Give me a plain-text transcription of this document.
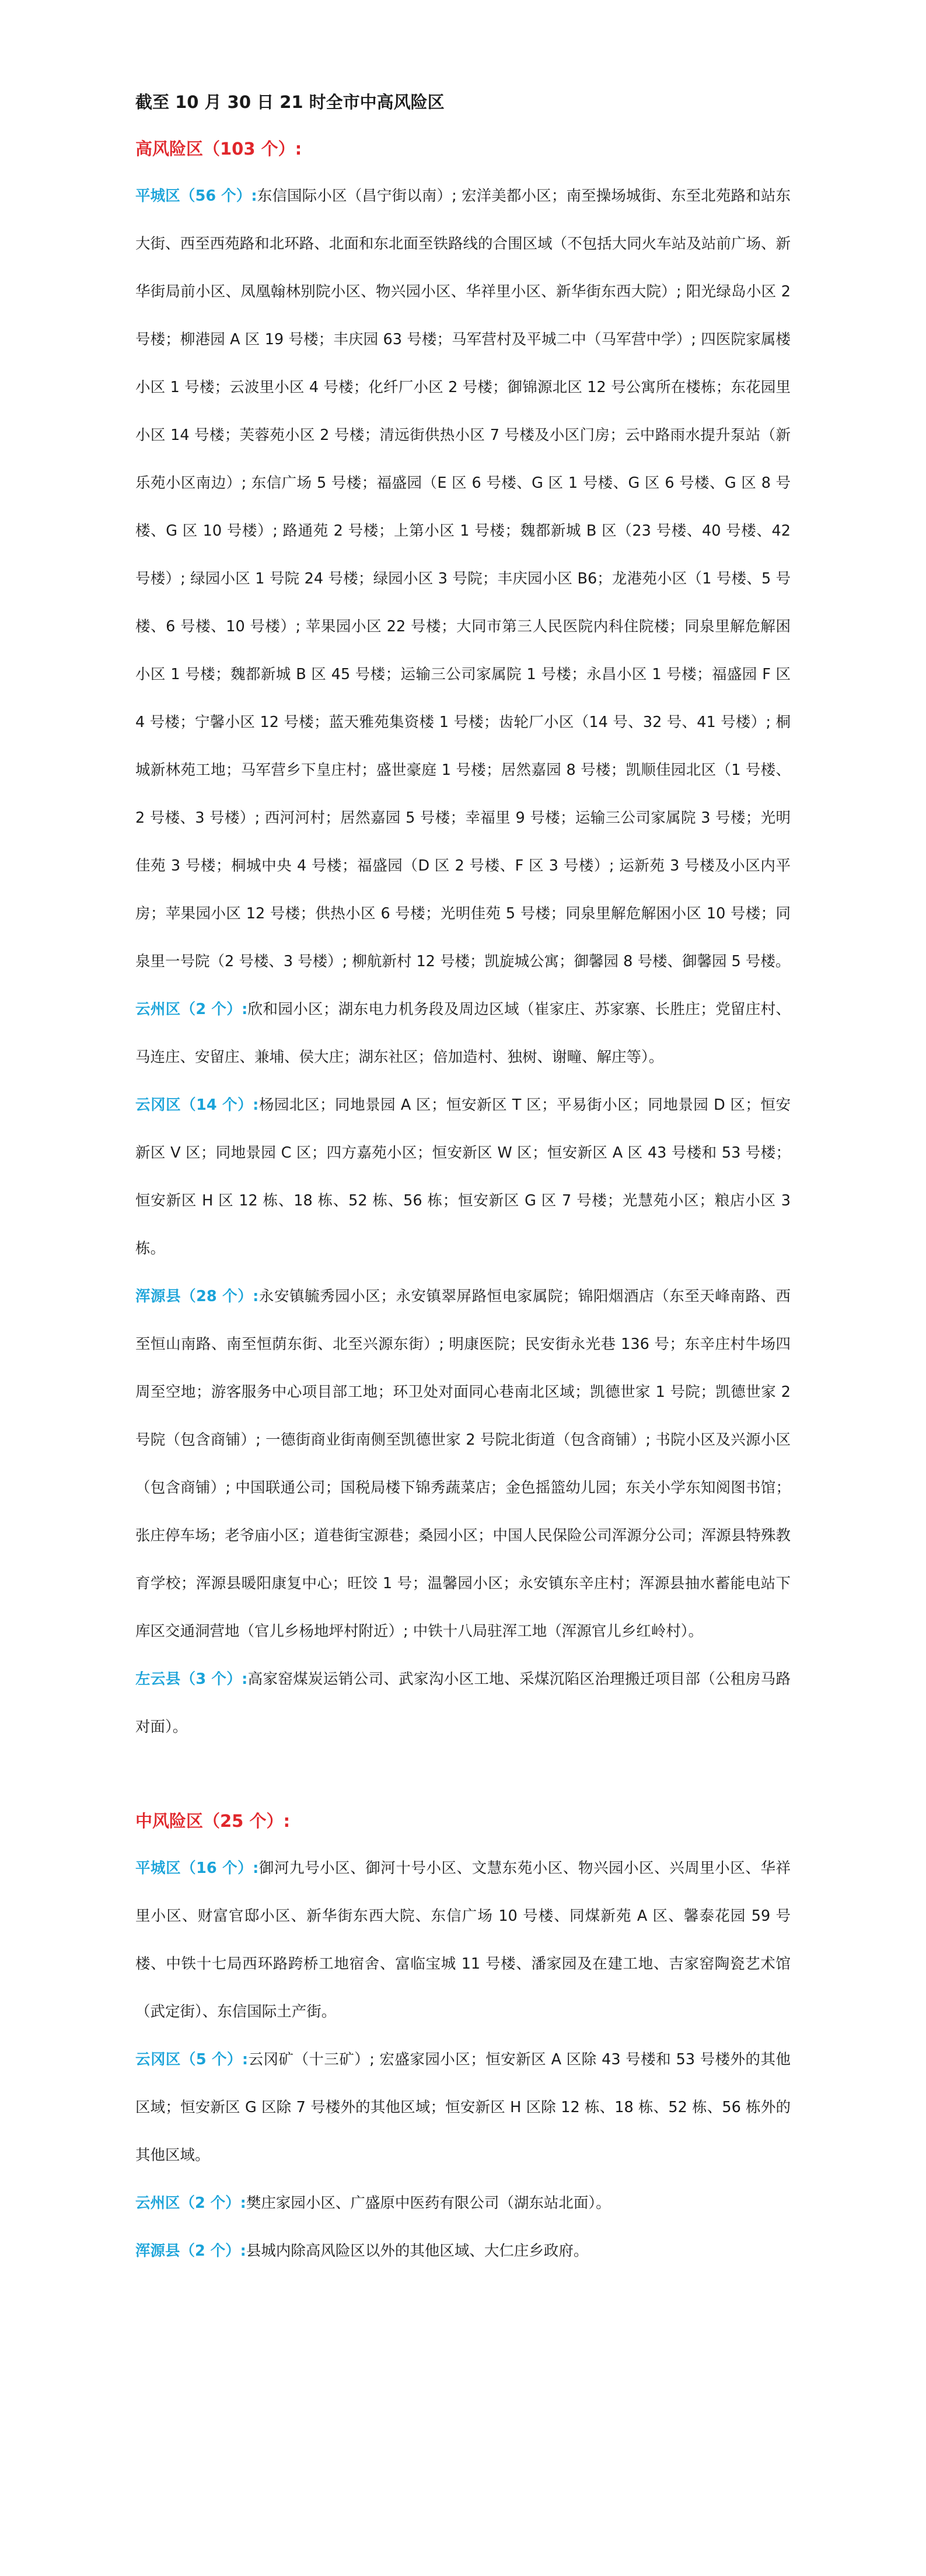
截至 10 月 30 日 21 时全市中高风险区
高风险区（103 个）:

平城区（56 个）:东信国际小区（昌宁街以南）; 宏洋美都小区；南至操场城街、东至北苑路和站东大街、西至西苑路和北环路、北面和东北面至铁路线的合围区域（不包括大同火车站及站前广场、新华街局前小区、凤凰翰林别院小区、物兴园小区、华祥里小区、新华街东西大院）; 阳光绿岛小区 2 号楼；柳港园 A 区 19 号楼；丰庆园 63 号楼；马军营村及平城二中（马军营中学）; 四医院家属楼小区 1 号楼；云波里小区 4 号楼；化纤厂小区 2 号楼；御锦源北区 12 号公寓所在楼栋；东花园里小区 14 号楼；芙蓉苑小区 2 号楼；清远街供热小区 7 号楼及小区门房；云中路雨水提升泵站（新乐苑小区南边）; 东信广场 5 号楼；福盛园（E 区 6 号楼、G 区 1 号楼、G 区 6 号楼、G 区 8 号楼、G 区 10 号楼）; 路通苑 2 号楼；上第小区 1 号楼；魏都新城 B 区（23 号楼、40 号楼、42 号楼）; 绿园小区 1 号院 24 号楼；绿园小区 3 号院；丰庆园小区 B6；龙港苑小区（1 号楼、5 号楼、6 号楼、10 号楼）; 苹果园小区 22 号楼；大同市第三人民医院内科住院楼；同泉里解危解困小区 1 号楼；魏都新城 B 区 45 号楼；运输三公司家属院 1 号楼；永昌小区 1 号楼；福盛园 F 区 4 号楼；宁馨小区 12 号楼；蓝天雅苑集资楼 1 号楼；齿轮厂小区（14 号、32 号、41 号楼）; 桐城新林苑工地；马军营乡下皇庄村；盛世豪庭 1 号楼；居然嘉园 8 号楼；凯顺佳园北区（1 号楼、2 号楼、3 号楼）; 西河河村；居然嘉园 5 号楼；幸福里 9 号楼；运输三公司家属院 3 号楼；光明佳苑 3 号楼；桐城中央 4 号楼；福盛园（D 区 2 号楼、F 区 3 号楼）; 运新苑 3 号楼及小区内平房；苹果园小区 12 号楼；供热小区 6 号楼；光明佳苑 5 号楼；同泉里解危解困小区 10 号楼；同泉里一号院（2 号楼、3 号楼）; 柳航新村 12 号楼；凯旋城公寓；御馨园 8 号楼、御馨园 5 号楼。

云州区（2 个）:欣和园小区；湖东电力机务段及周边区域（崔家庄、苏家寨、长胜庄；党留庄村、马连庄、安留庄、兼埔、侯大庄；湖东社区；倍加造村、独树、谢疃、解庄等）。

云冈区（14 个）:杨园北区；同地景园 A 区；恒安新区 T 区；平易街小区；同地景园 D 区；恒安新区 V 区；同地景园 C 区；四方嘉苑小区；恒安新区 W 区；恒安新区 A 区 43 号楼和 53 号楼；恒安新区 H 区 12 栋、18 栋、52 栋、56 栋；恒安新区 G 区 7 号楼；光慧苑小区；粮店小区 3 栋。

浑源县（28 个）:永安镇毓秀园小区；永安镇翠屏路恒电家属院；锦阳烟酒店（东至天峰南路、西至恒山南路、南至恒荫东街、北至兴源东街）; 明康医院；民安街永光巷 136 号；东辛庄村牛场四周至空地；游客服务中心项目部工地；环卫处对面同心巷南北区域；凯德世家 1 号院；凯德世家 2 号院（包含商铺）; 一德街商业街南侧至凯德世家 2 号院北街道（包含商铺）; 书院小区及兴源小区（包含商铺）; 中国联通公司；国税局楼下锦秀蔬菜店；金色摇篮幼儿园；东关小学东知阅图书馆；张庄停车场；老爷庙小区；道巷街宝源巷；桑园小区；中国人民保险公司浑源分公司；浑源县特殊教育学校；浑源县暖阳康复中心；旺饺 1 号；温馨园小区；永安镇东辛庄村；浑源县抽水蓄能电站下库区交通洞营地（官儿乡杨地坪村附近）; 中铁十八局驻浑工地（浑源官儿乡红岭村）。

左云县（3 个）:高家窑煤炭运销公司、武家沟小区工地、采煤沉陷区治理搬迁项目部（公租房马路对面）。

中风险区（25 个）:

平城区（16 个）:御河九号小区、御河十号小区、文慧东苑小区、物兴园小区、兴周里小区、华祥里小区、财富官邸小区、新华街东西大院、东信广场 10 号楼、同煤新苑 A 区、馨泰花园 59 号楼、中铁十七局西环路跨桥工地宿舍、富临宝城 11 号楼、潘家园及在建工地、吉家窑陶瓷艺术馆（武定街）、东信国际土产街。

云冈区（5 个）:云冈矿（十三矿）; 宏盛家园小区；恒安新区 A 区除 43 号楼和 53 号楼外的其他区域；恒安新区 G 区除 7 号楼外的其他区域；恒安新区 H 区除 12 栋、18 栋、52 栋、56 栋外的其他区域。

云州区（2 个）:樊庄家园小区、广盛原中医药有限公司（湖东站北面）。

浑源县（2 个）:县城内除高风险区以外的其他区域、大仁庄乡政府。
